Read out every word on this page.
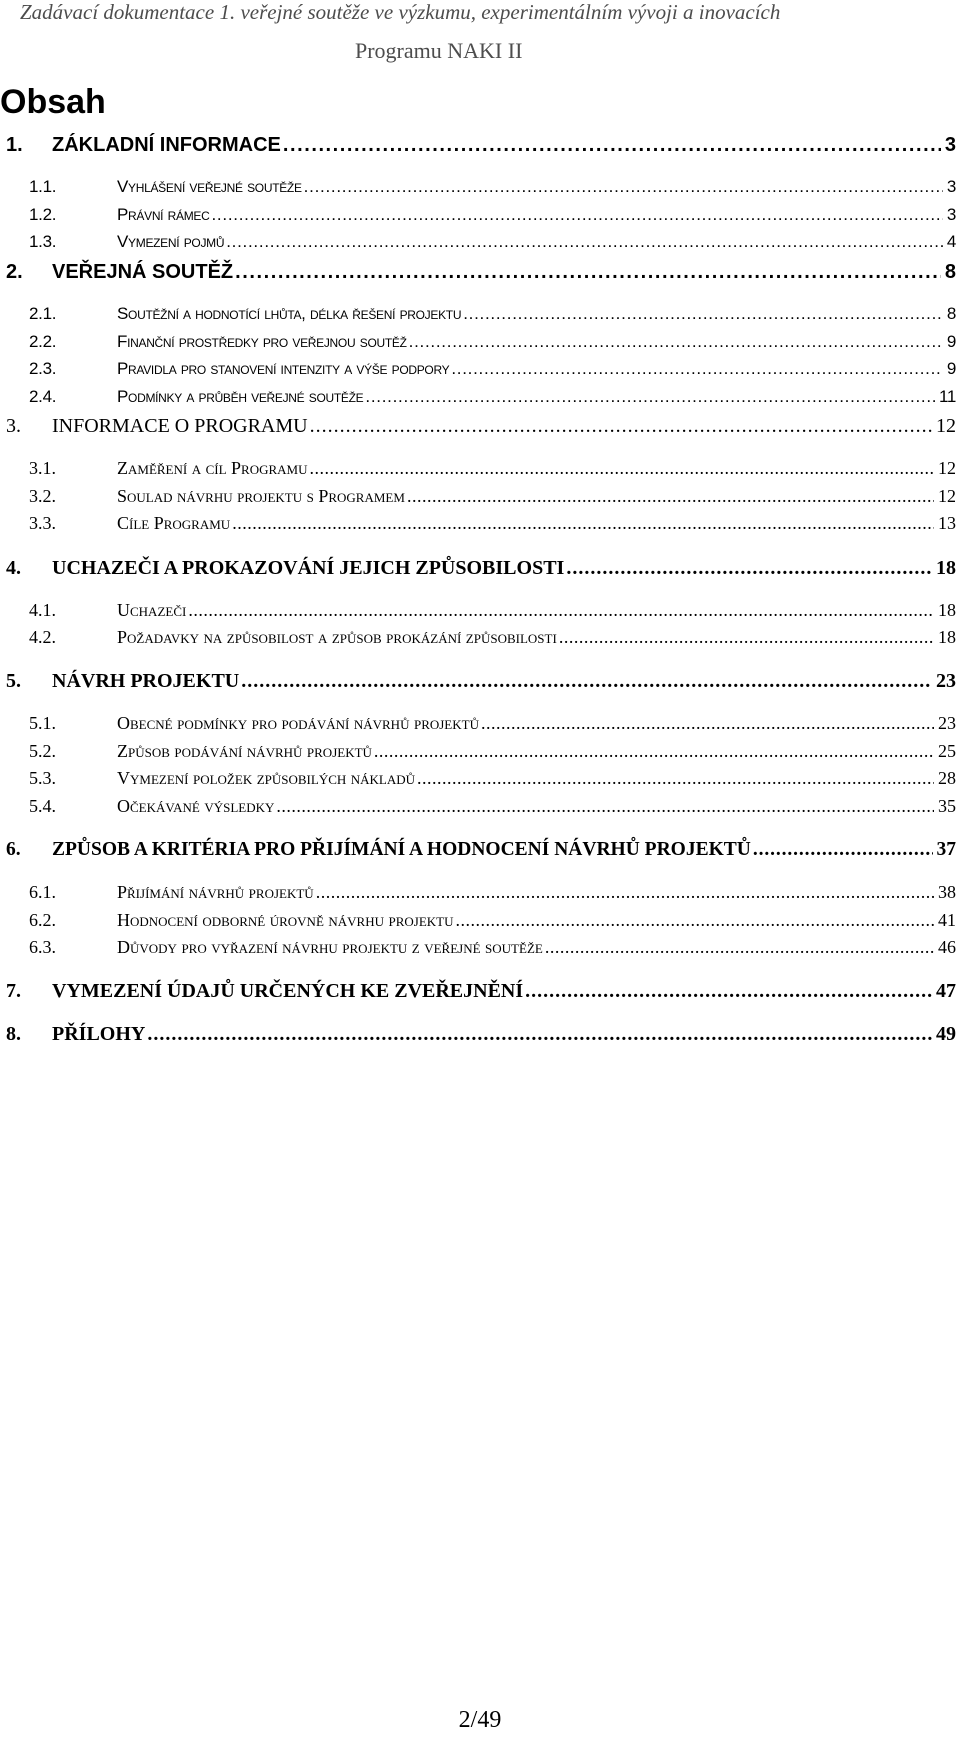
Zadávací dokumentace 1. veřejné soutěže ve výzkumu, experimentálním vývoji a inovacích
Programu NAKI II
Obsah
1.	ZÁKLADNÍ INFORMACE . . .	3
1.1.	Vyhlášení veřejné soutěže . . .	3
1.2.	Právní rámec . . .	3
1.3.	Vymezení pojmů . . .	4
2.	VEŘEJNÁ SOUTĚŽ . . .	8
2.1.	Soutěžní a hodnotící lhůta, délka řešení projektu . . .	8
2.2.	Finanční prostředky pro veřejnou soutěž . . .	9
2.3.	Pravidla pro stanovení intenzity a výše podpory . . .	9
2.4.	Podmínky a průběh veřejné soutěže . . .	11
3.	INFORMACE O PROGRAMU . . .	12
3.1.	Zaměření a cíl Programu . . .	12
3.2.	Soulad návrhu projektu s Programem . . .	12
3.3.	Cíle Programu . . .	13
4.	UCHAZEČI A PROKAZOVÁNÍ JEJICH ZPŮSOBILOSTI . . .	18
4.1.	Uchazeči . . .	18
4.2.	Požadavky na způsobilost a způsob prokázání způsobilosti . . .	18
5.	NÁVRH PROJEKTU . . .	23
5.1.	Obecné podmínky pro podávání návrhů projektů . . .	23
5.2.	Způsob podávání návrhů projektů . . .	25
5.3.	Vymezení položek způsobilých nákladů . . .	28
5.4.	Očekávané výsledky . . .	35
6.	ZPŮSOB A KRITÉRIA PRO PŘIJÍMÁNÍ A HODNOCENÍ NÁVRHŮ PROJEKTŮ . . .	37
6.1.	Přijímání návrhů projektů . . .	38
6.2.	Hodnocení odborné úrovně návrhu projektu . . .	41
6.3.	Důvody pro vyřazení návrhu projektu z veřejné soutěže . . .	46
7.	VYMEZENÍ ÚDAJŮ URČENÝCH KE ZVEŘEJNĚNÍ . . .	47
8.	PŘÍLOHY . . .	49
2/49
